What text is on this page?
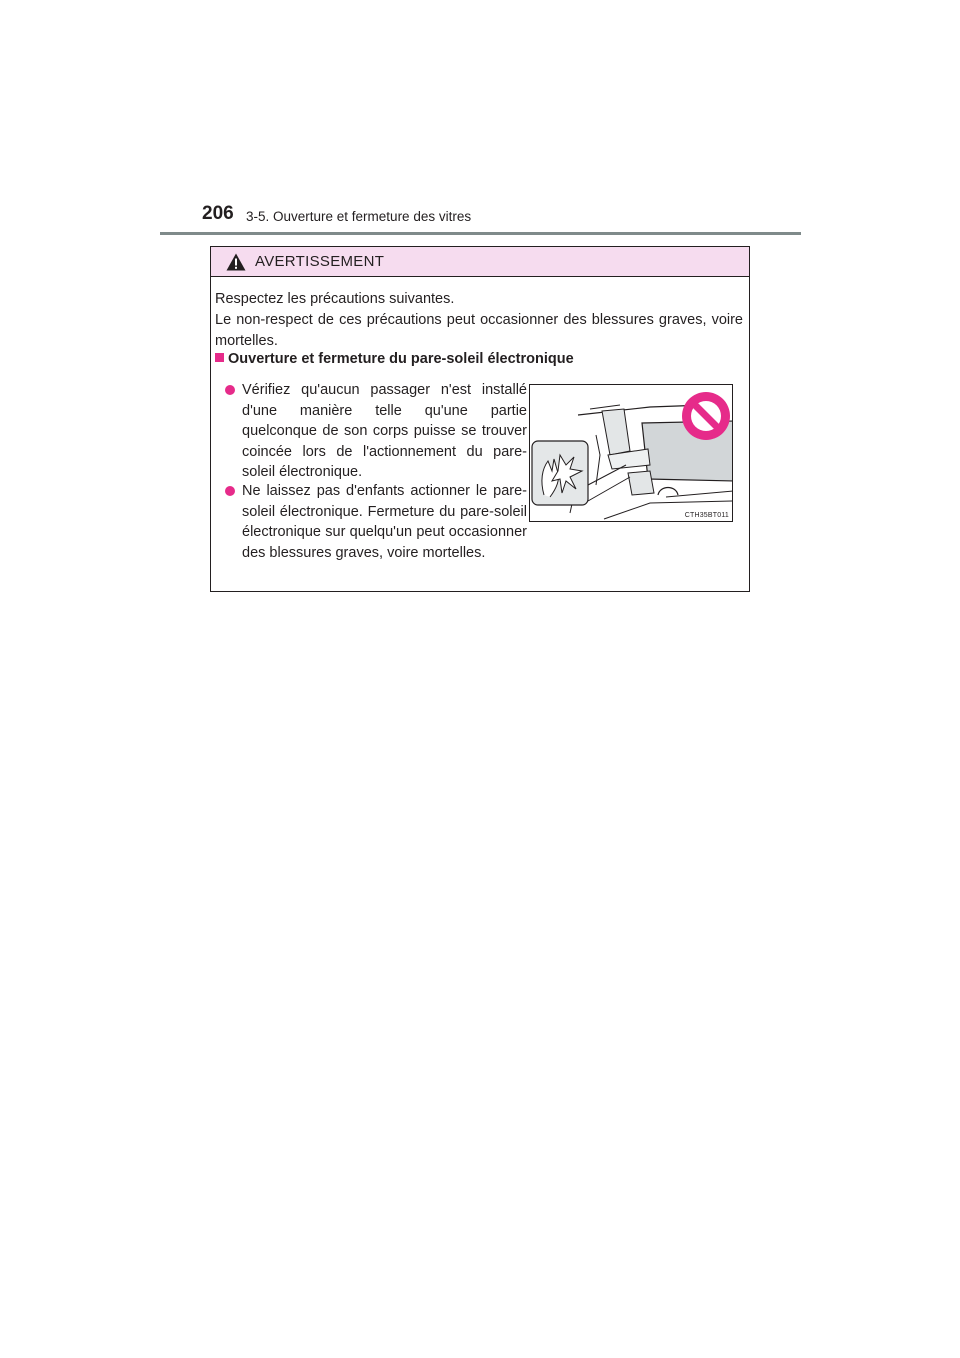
206 3-5. Ouverture et fermeture des vitres
AVERTISSEMENT

Respectez les précautions suivantes.

Le non-respect de ces précautions peut occasionner des blessures graves, voire mortelles.

Ouverture et fermeture du pare-soleil électronique
Vérifiez qu'aucun passager n'est installé d'une manière telle qu'une partie quelconque de son corps puisse se trouver coincée lors de l'actionnement du pare-soleil électronique.
Ne laissez pas d'enfants actionner le pare-soleil électronique. Fermeture du pare-soleil électronique sur quelqu'un peut occasionner des blessures graves, voire mortelles.
CTH35BT011
